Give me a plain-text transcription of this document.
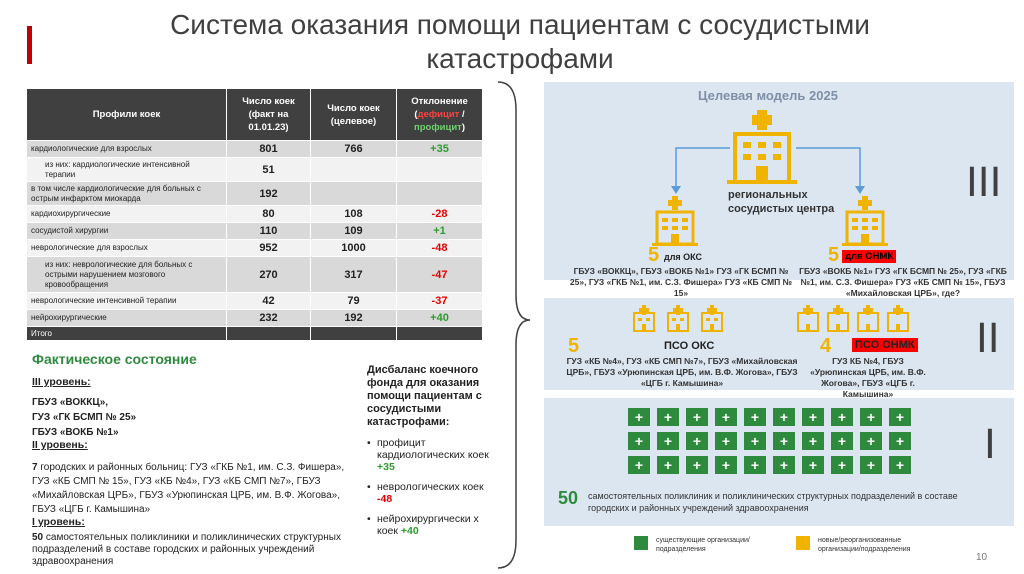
Система оказания помощи пациентам с сосудистыми катастрофами
Профили коек	Число коек (факт на 01.01.23)	Число коек (целевое)	Отклонение (дефицит /
профицит)
кардиологические для взрослых	801	766	+35
из них: кардиологические интенсивной терапии	51		
в том числе кардиологические для больных с острым инфарктом миокарда	192		
кардиохирургические	80	108	-28
сосудистой хирургии	110	109	+1
неврологические для взрослых	952	1000	-48
из них: неврологические для больных с острыми нарушением мозгового кровообращения	270	317	-47
неврологические интенсивной терапии	42	79	-37
нейрохирургические	232	192	+40
Итого			
Фактическое состояние
III уровень:
ГБУЗ «ВОККЦ»,
ГУЗ «ГК БСМП № 25»
ГБУЗ «ВОКБ №1»
II уровень:
7 городских и районных больниц: ГУЗ «ГКБ №1, им. С.З. Фишера», ГУЗ «КБ СМП № 15», ГУЗ «КБ №4», ГУЗ «КБ СМП №7», ГБУЗ «Михайловская ЦРБ», ГБУЗ «Урюпинская ЦРБ, им. В.Ф. Жогова», ГБУЗ «ЦГБ г. Камышина»
I уровень:
50 самостоятельных поликлиники и поликлинических структурных подразделений в составе городских и районных учреждений здравоохранения
Дисбаланс коечного фонда для оказания помощи пациентам с сосудистыми катастрофами:
• профицит кардиологических коек +35
• неврологических коек -48
• нейрохирургически х коек +40
Целевая модель 2025
региональных
сосудистых центра
5 для ОКС
ГБУЗ «ВОККЦ», ГБУЗ «ВОКБ №1» ГУЗ «ГК БСМП № 25», ГУЗ «ГКБ №1, им. С.З. Фишера» ГУЗ «КБ СМП № 15»
5 для ОНМК
ГБУЗ «ВОКБ №1» ГУЗ «ГК БСМП № 25», ГУЗ «ГКБ №1, им. С.З. Фишера» ГУЗ «КБ СМП № 15», ГБУЗ «Михайловская ЦРБ», где?
5	ПСО ОКС
ГУЗ «КБ №4», ГУЗ «КБ СМП №7», ГБУЗ «Михайловская ЦРБ», ГБУЗ «Урюпинская ЦРБ, им. В.Ф. Жогова», ГБУЗ «ЦГБ г. Камышина»
4 ПСО ОНМК
ГУЗ КБ №4, ГБУЗ «Урюпинская ЦРБ, им. В.Ф. Жогова», ГБУЗ «ЦГБ г. Камышина»
III
II
I
+	+	+	+	+	+	+	+	+	+
+	+	+	+	+	+	+	+	+	+
+	+	+	+	+	+	+	+	+	+
50 самостоятельных поликлиник и поликлинических структурных подразделений в составе городских и районных учреждений здравоохранения
существующие организации/подразделения
новые/реорганизованные организации/подразделения
10
